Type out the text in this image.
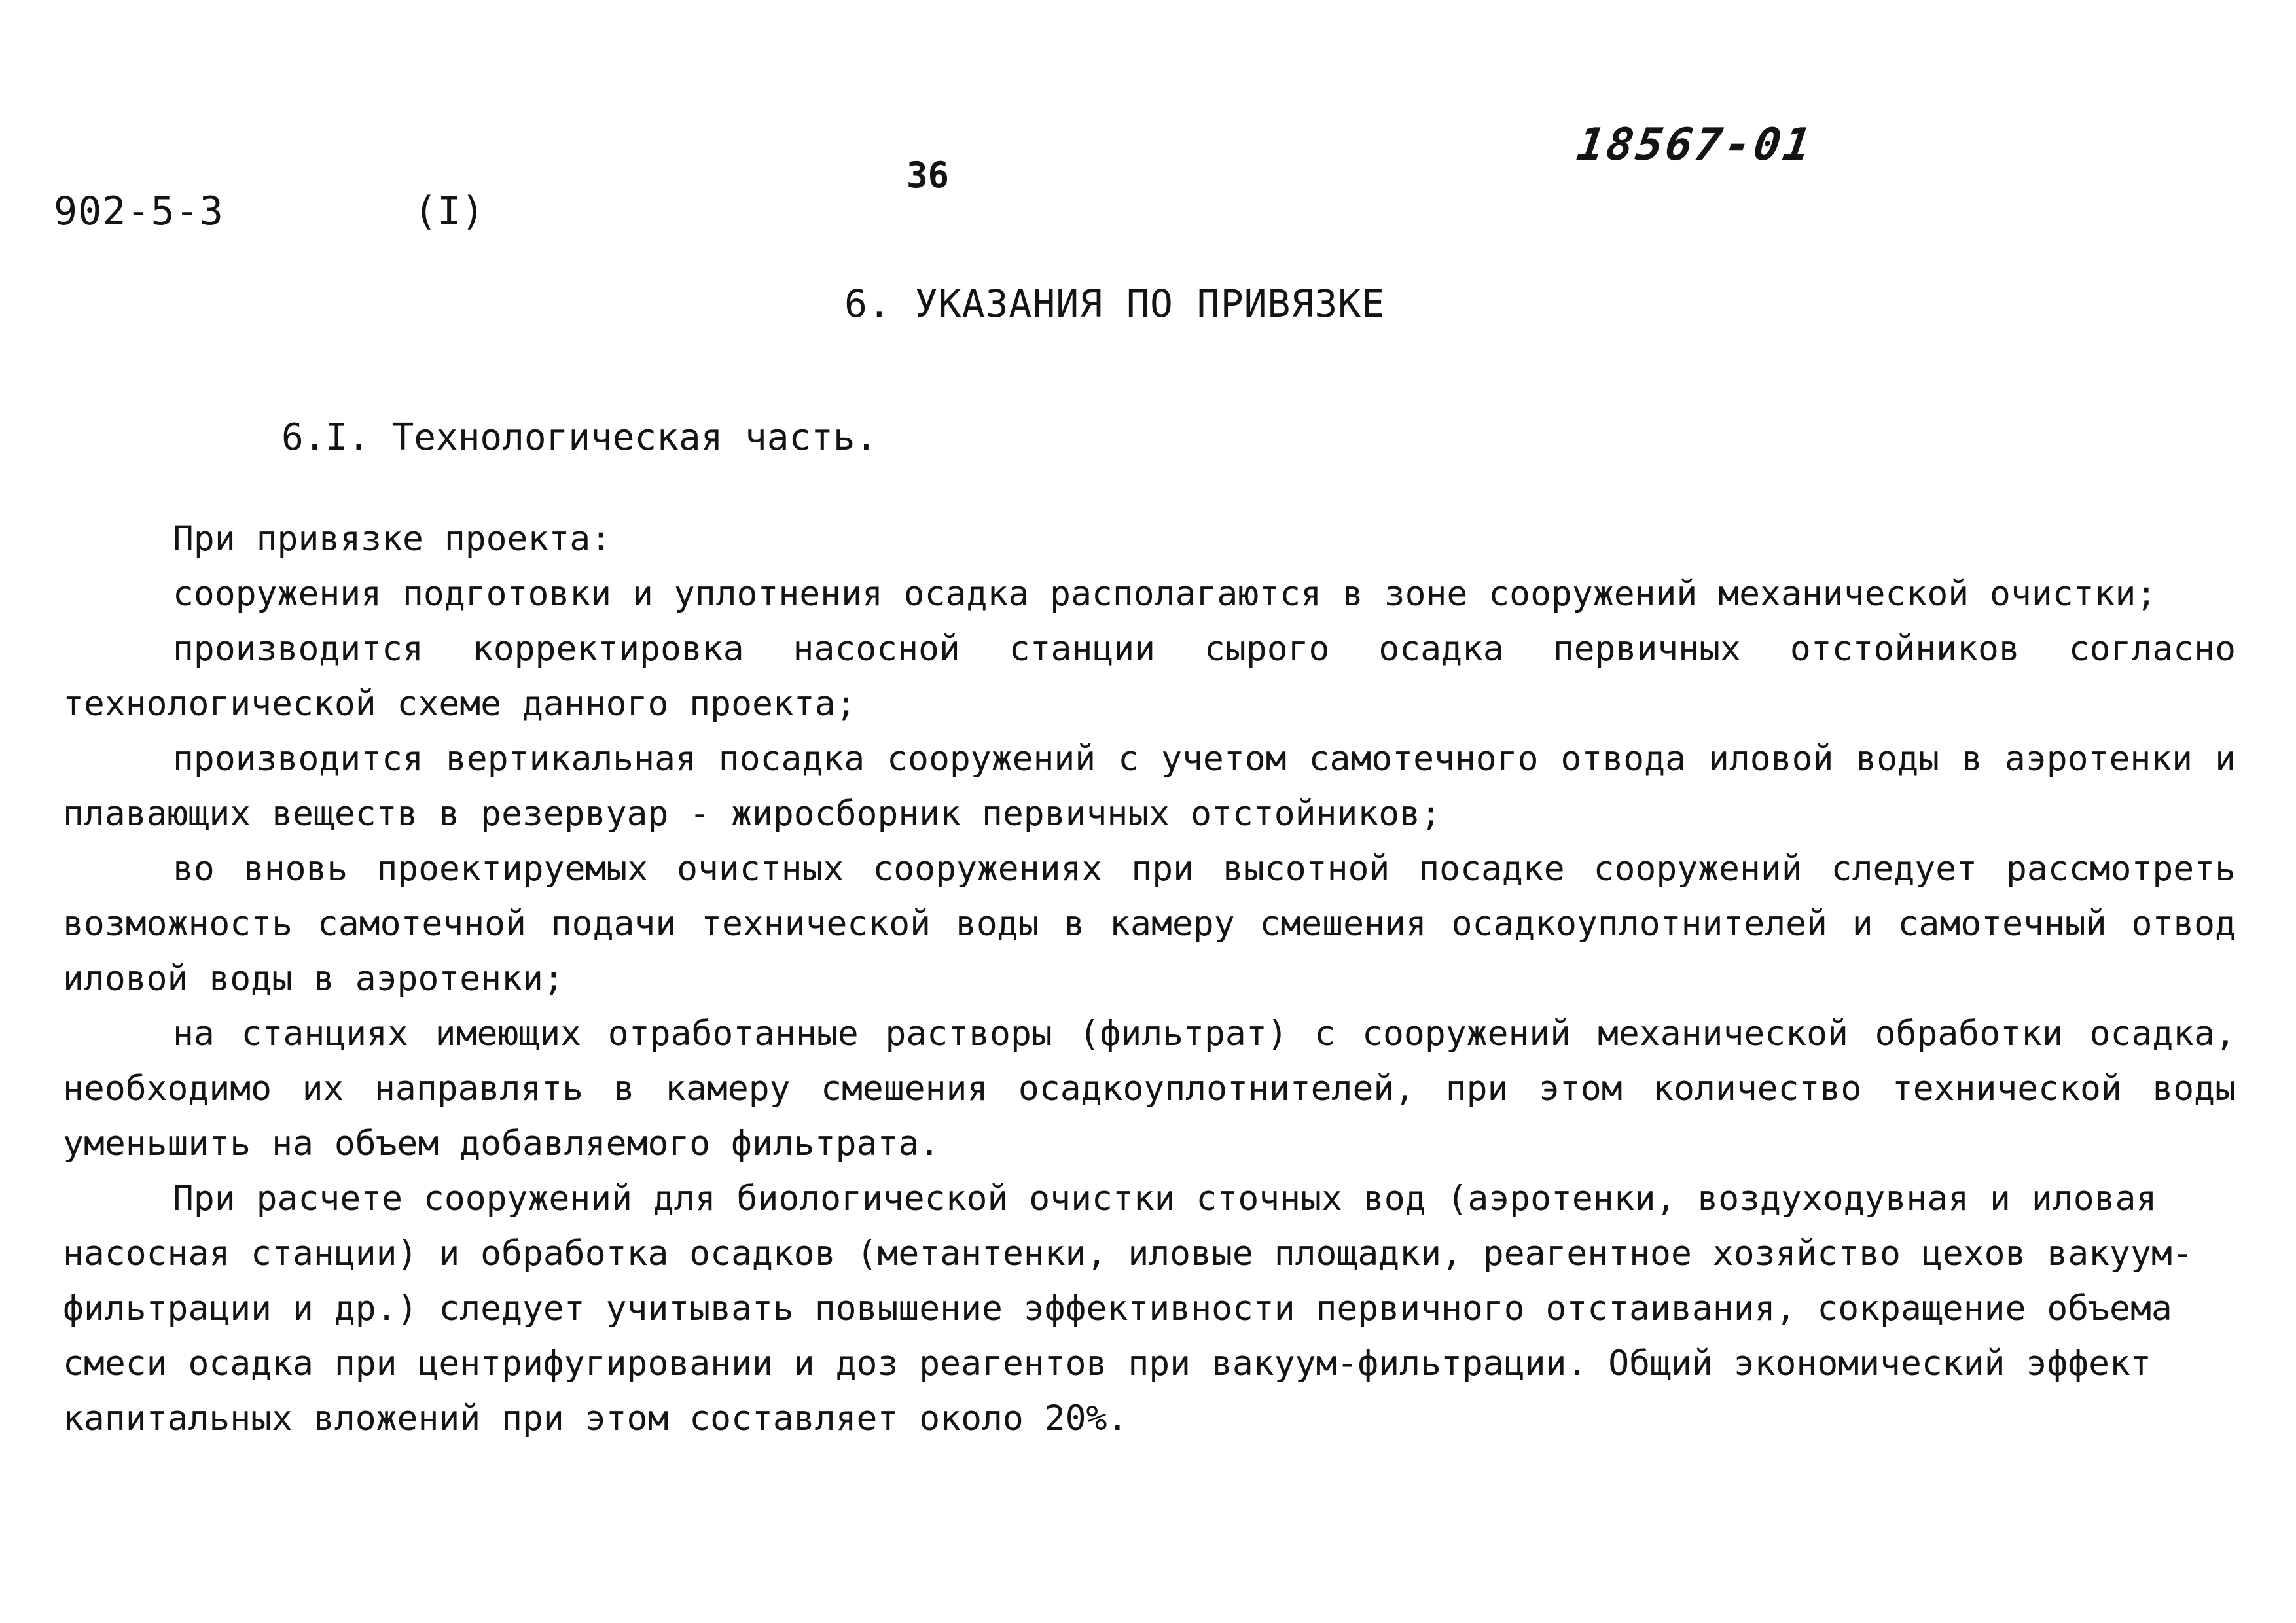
902-5-3	(I)
36
18567-01
6. УКАЗАНИЯ ПО ПРИВЯЗКЕ
6.I. Технологическая часть.

При привязке проекта:

сооружения подготовки и уплотнения осадка располагаются в зоне сооружений механической очистки;

производится корректировка насосной станции сырого осадка первичных отстойников согласно технологической схеме данного проекта;

производится вертикальная посадка сооружений с учетом самотечного отвода иловой воды в аэротенки и плавающих веществ в резервуар - жиросборник первичных отстойников;

во вновь проектируемых очистных сооружениях при высотной посадке сооружений следует рассмотреть возможность самотечной подачи технической воды в камеру смешения осадкоуплотнителей и самотечный отвод иловой воды в аэротенки;

на станциях имеющих отработанные растворы (фильтрат) с сооружений механической обработки осадка, необходимо их направлять в камеру смешения осадкоуплотнителей, при этом количество технической воды уменьшить на объем добавляемого фильтрата.

При расчете сооружений для биологической очистки сточных вод (аэротенки, воздуходувная и иловая насосная станции) и обработка осадков (метантенки, иловые площадки, реагентное хозяйство цехов вакуум-фильтрации и др.) следует учитывать повышение эффективности первичного отстаивания, сокращение объема смеси осадка при центрифугировании и доз реагентов при вакуум-фильтрации. Общий экономический эффект капитальных вложений при этом составляет около 20%.
